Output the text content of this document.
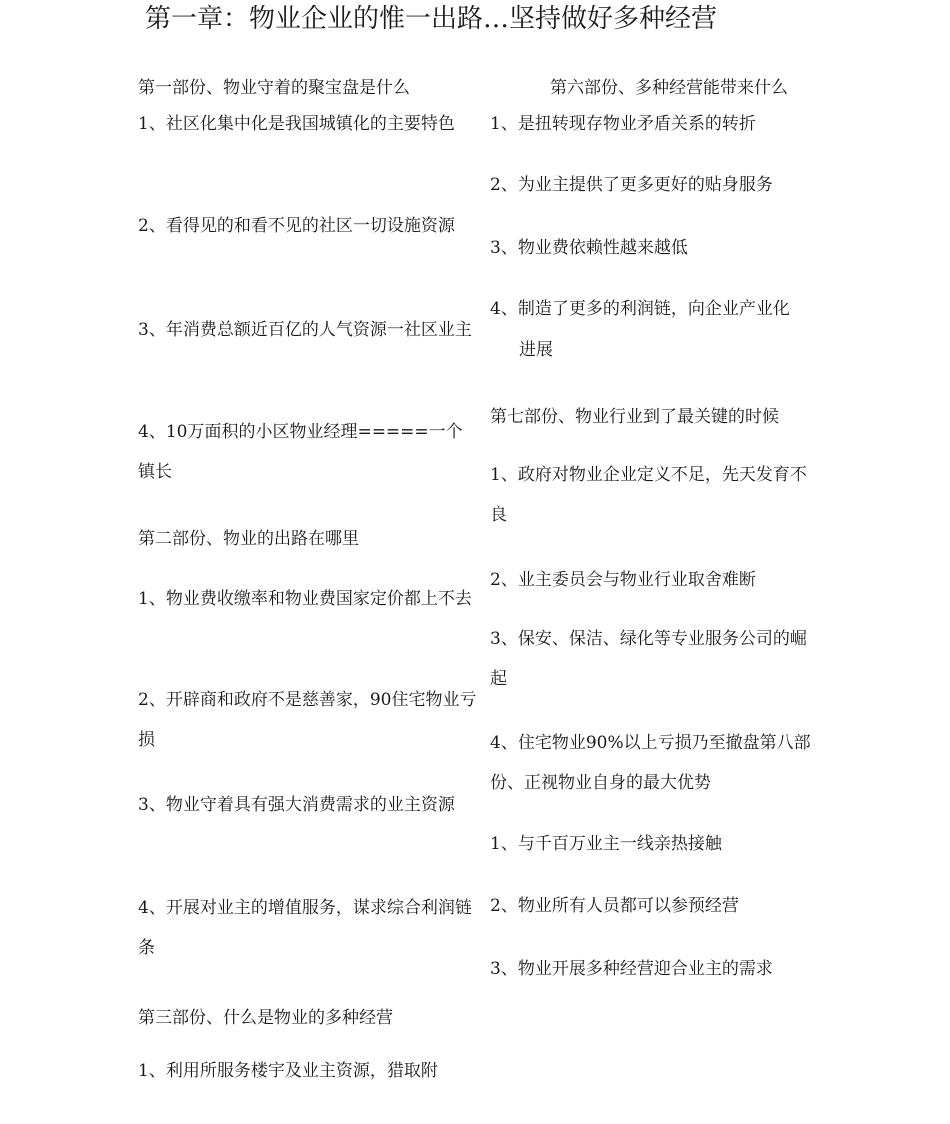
第一章：物业企业的惟一出路…坚持做好多种经营
第一部份、物业守着的聚宝盘是什么
1、社区化集中化是我国城镇化的主要特色
2、看得见的和看不见的社区一切设施资源
3、年消费总额近百亿的人气资源一社区业主
4、10万面积的小区物业经理=====一个镇长
第二部份、物业的出路在哪里
1、物业费收缴率和物业费国家定价都上不去
2、开辟商和政府不是慈善家，90住宅物业亏损
3、物业守着具有强大消费需求的业主资源
4、开展对业主的增值服务，谋求综合利润链条
第三部份、什么是物业的多种经营
1、利用所服务楼宇及业主资源，猎取附
第六部份、多种经营能带来什么
1、是扭转现存物业矛盾关系的转折
2、为业主提供了更多更好的贴身服务
3、物业费依赖性越来越低
4、制造了更多的利润链，向企业产业化
进展
第七部份、物业行业到了最关键的时候
1、政府对物业企业定义不足，先天发育不良
2、业主委员会与物业行业取舍难断
3、保安、保洁、绿化等专业服务公司的崛起
4、住宅物业90%以上亏损乃至撤盘第八部份、正视物业自身的最大优势
1、与千百万业主一线亲热接触
2、物业所有人员都可以参预经营
3、物业开展多种经营迎合业主的需求
